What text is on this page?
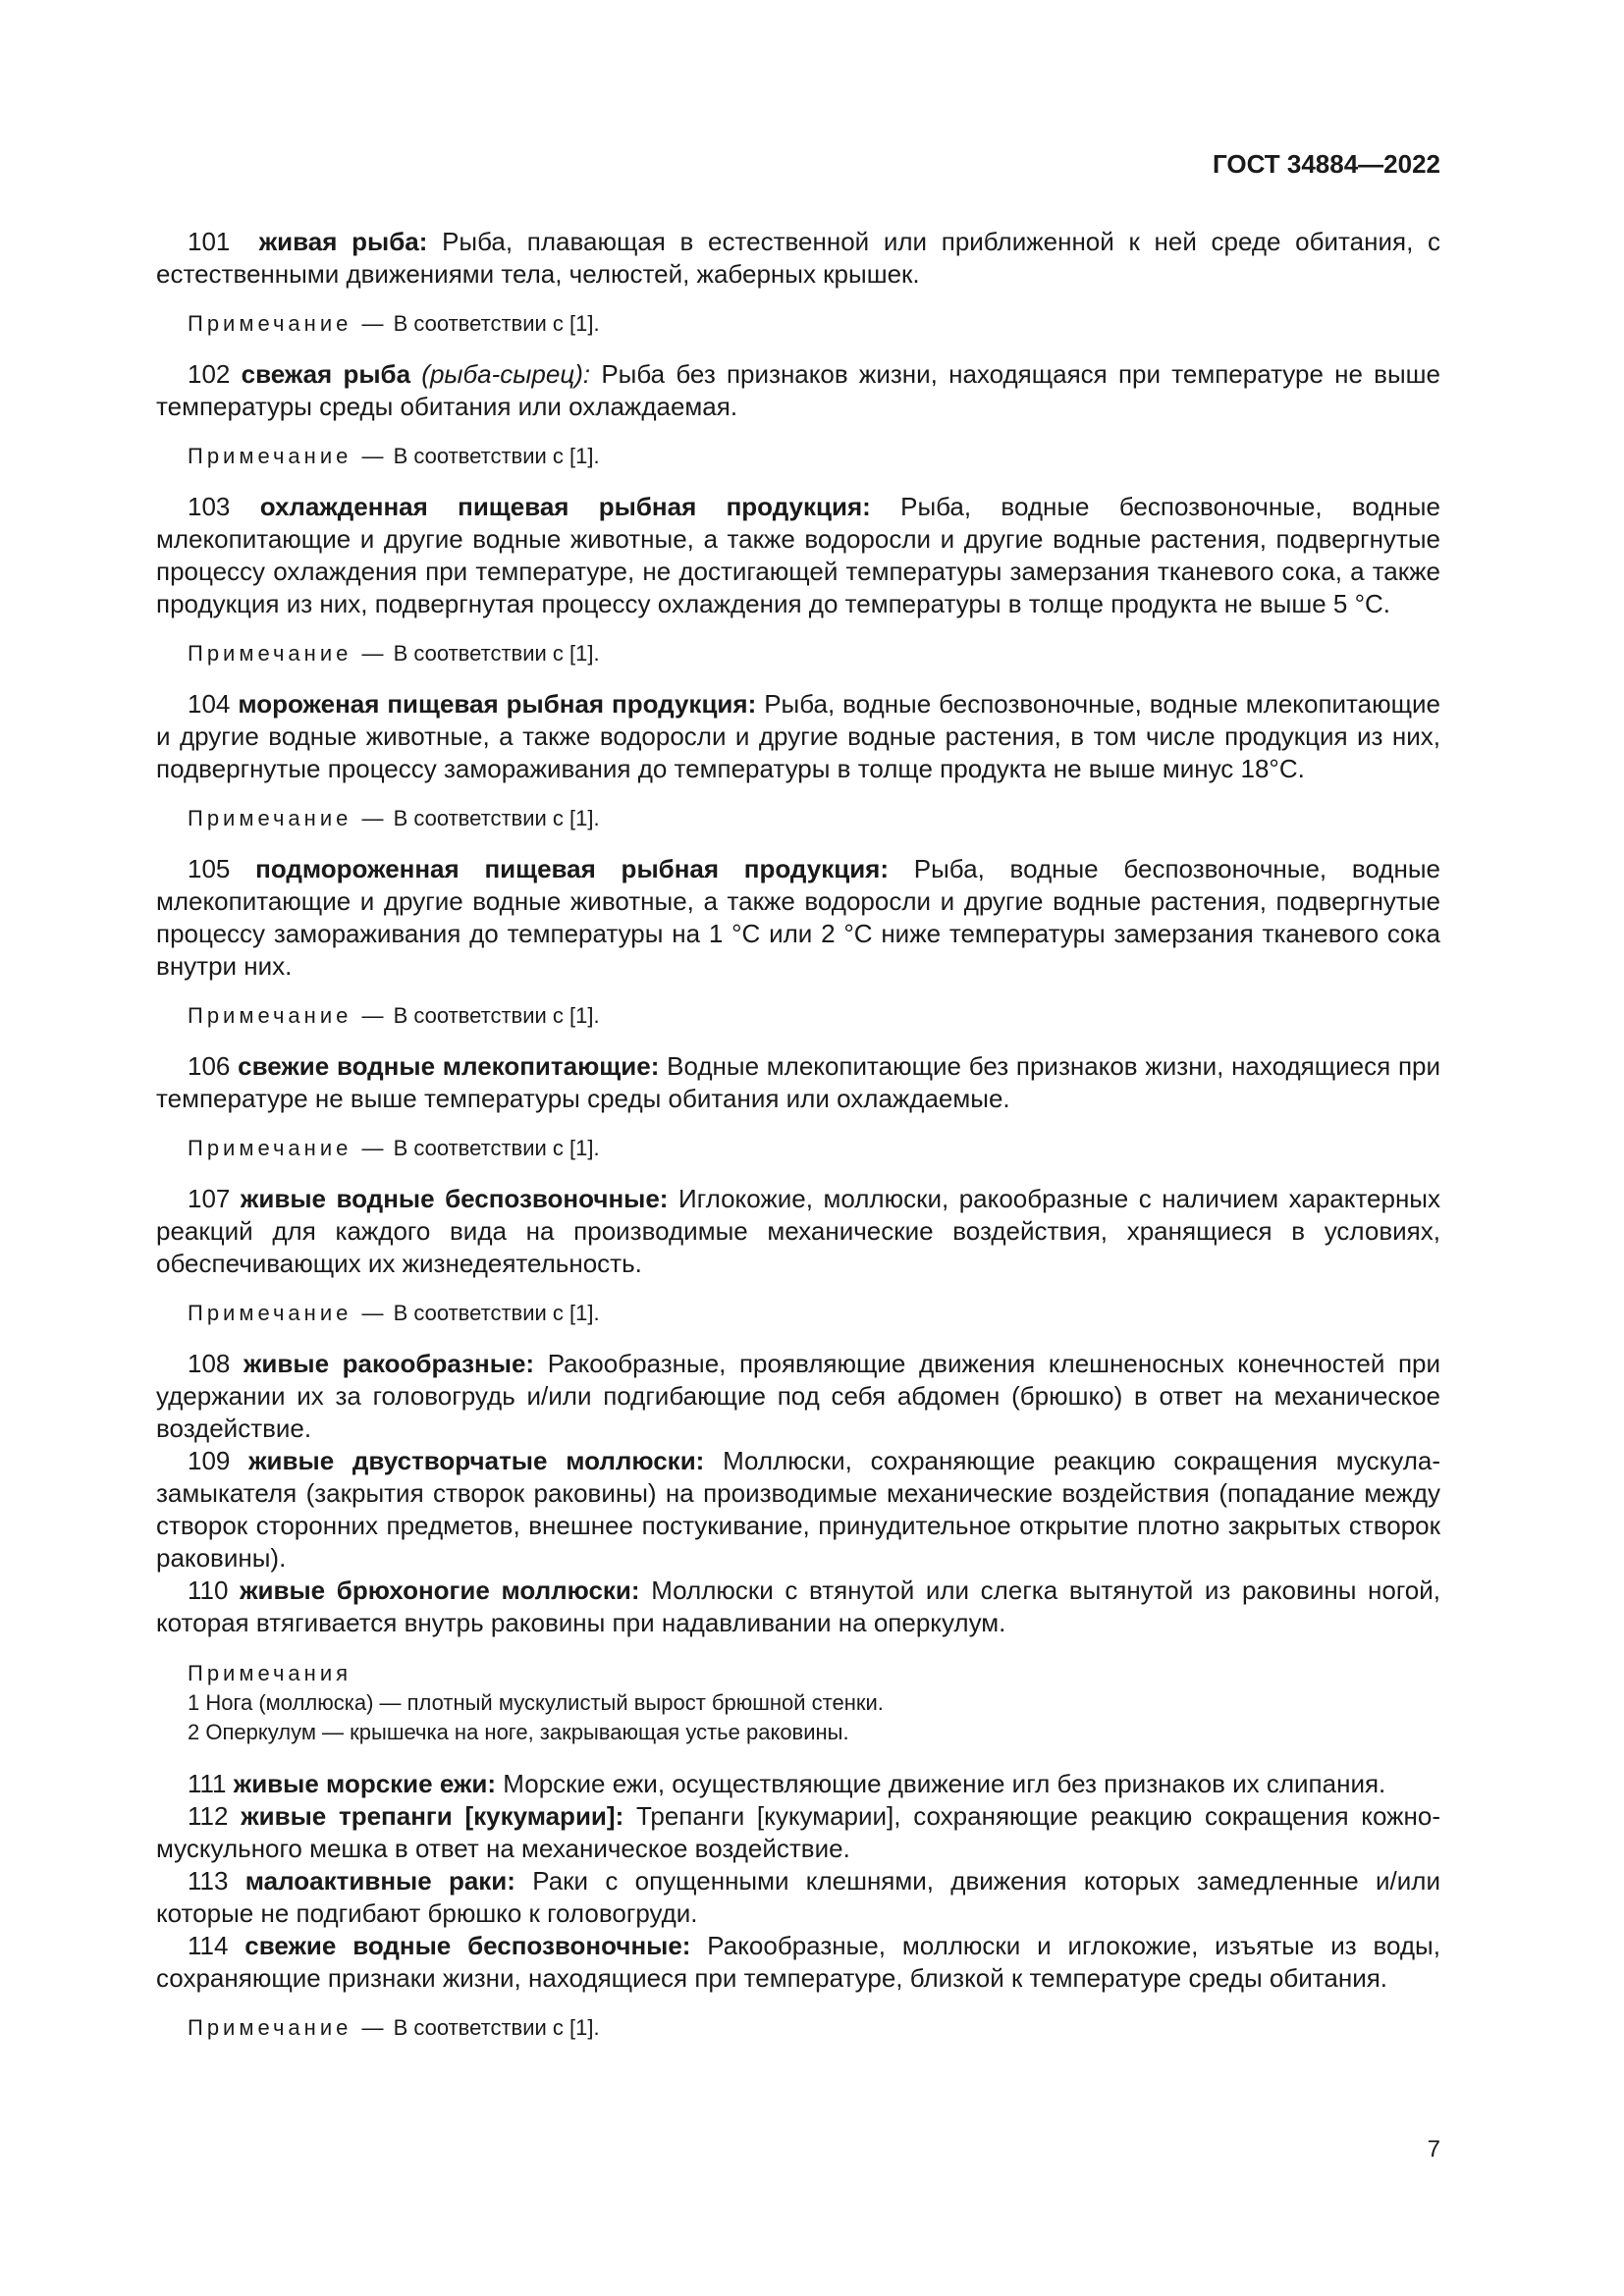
ГОСТ 34884—2022

101 живая рыба: Рыба, плавающая в естественной или приближенной к ней среде обитания, с естественными движениями тела, челюстей, жаберных крышек.

Примечание — В соответствии с [1].

102 свежая рыба (рыба-сырец): Рыба без признаков жизни, находящаяся при температуре не выше температуры среды обитания или охлаждаемая.

Примечание — В соответствии с [1].

103 охлажденная пищевая рыбная продукция: Рыба, водные беспозвоночные, водные млекопитающие и другие водные животные, а также водоросли и другие водные растения, подвергнутые процессу охлаждения при температуре, не достигающей температуры замерзания тканевого сока, а также продукция из них, подвергнутая процессу охлаждения до температуры в толще продукта не выше 5 °С.

Примечание — В соответствии с [1].

104 мороженая пищевая рыбная продукция: Рыба, водные беспозвоночные, водные млекопитающие и другие водные животные, а также водоросли и другие водные растения, в том числе продукция из них, подвергнутые процессу замораживания до температуры в толще продукта не выше минус 18°С.

Примечание — В соответствии с [1].

105 подмороженная пищевая рыбная продукция: Рыба, водные беспозвоночные, водные млекопитающие и другие водные животные, а также водоросли и другие водные растения, подвергнутые процессу замораживания до температуры на 1 °С или 2 °С ниже температуры замерзания тканевого сока внутри них.

Примечание — В соответствии с [1].

106 свежие водные млекопитающие: Водные млекопитающие без признаков жизни, находящиеся при температуре не выше температуры среды обитания или охлаждаемые.

Примечание — В соответствии с [1].

107 живые водные беспозвоночные: Иглокожие, моллюски, ракообразные с наличием характерных реакций для каждого вида на производимые механические воздействия, хранящиеся в условиях, обеспечивающих их жизнедеятельность.

Примечание — В соответствии с [1].

108 живые ракообразные: Ракообразные, проявляющие движения клешненосных конечностей при удержании их за головогрудь и/или подгибающие под себя абдомен (брюшко) в ответ на механическое воздействие.

109 живые двустворчатые моллюски: Моллюски, сохраняющие реакцию сокращения мускула-замыкателя (закрытия створок раковины) на производимые механические воздействия (попадание между створок сторонних предметов, внешнее постукивание, принудительное открытие плотно закрытых створок раковины).

110 живые брюхоногие моллюски: Моллюски с втянутой или слегка вытянутой из раковины ногой, которая втягивается внутрь раковины при надавливании на оперкулум.

Примечания
1 Нога (моллюска) — плотный мускулистый вырост брюшной стенки.
2 Оперкулум — крышечка на ноге, закрывающая устье раковины.

111 живые морские ежи: Морские ежи, осуществляющие движение игл без признаков их слипания.

112 живые трепанги [кукумарии]: Трепанги [кукумарии], сохраняющие реакцию сокращения кожно-мускульного мешка в ответ на механическое воздействие.

113 малоактивные раки: Раки с опущенными клешнями, движения которых замедленные и/или которые не подгибают брюшко к головогруди.

114 свежие водные беспозвоночные: Ракообразные, моллюски и иглокожие, изъятые из воды, сохраняющие признаки жизни, находящиеся при температуре, близкой к температуре среды обитания.

Примечание — В соответствии с [1].
7
